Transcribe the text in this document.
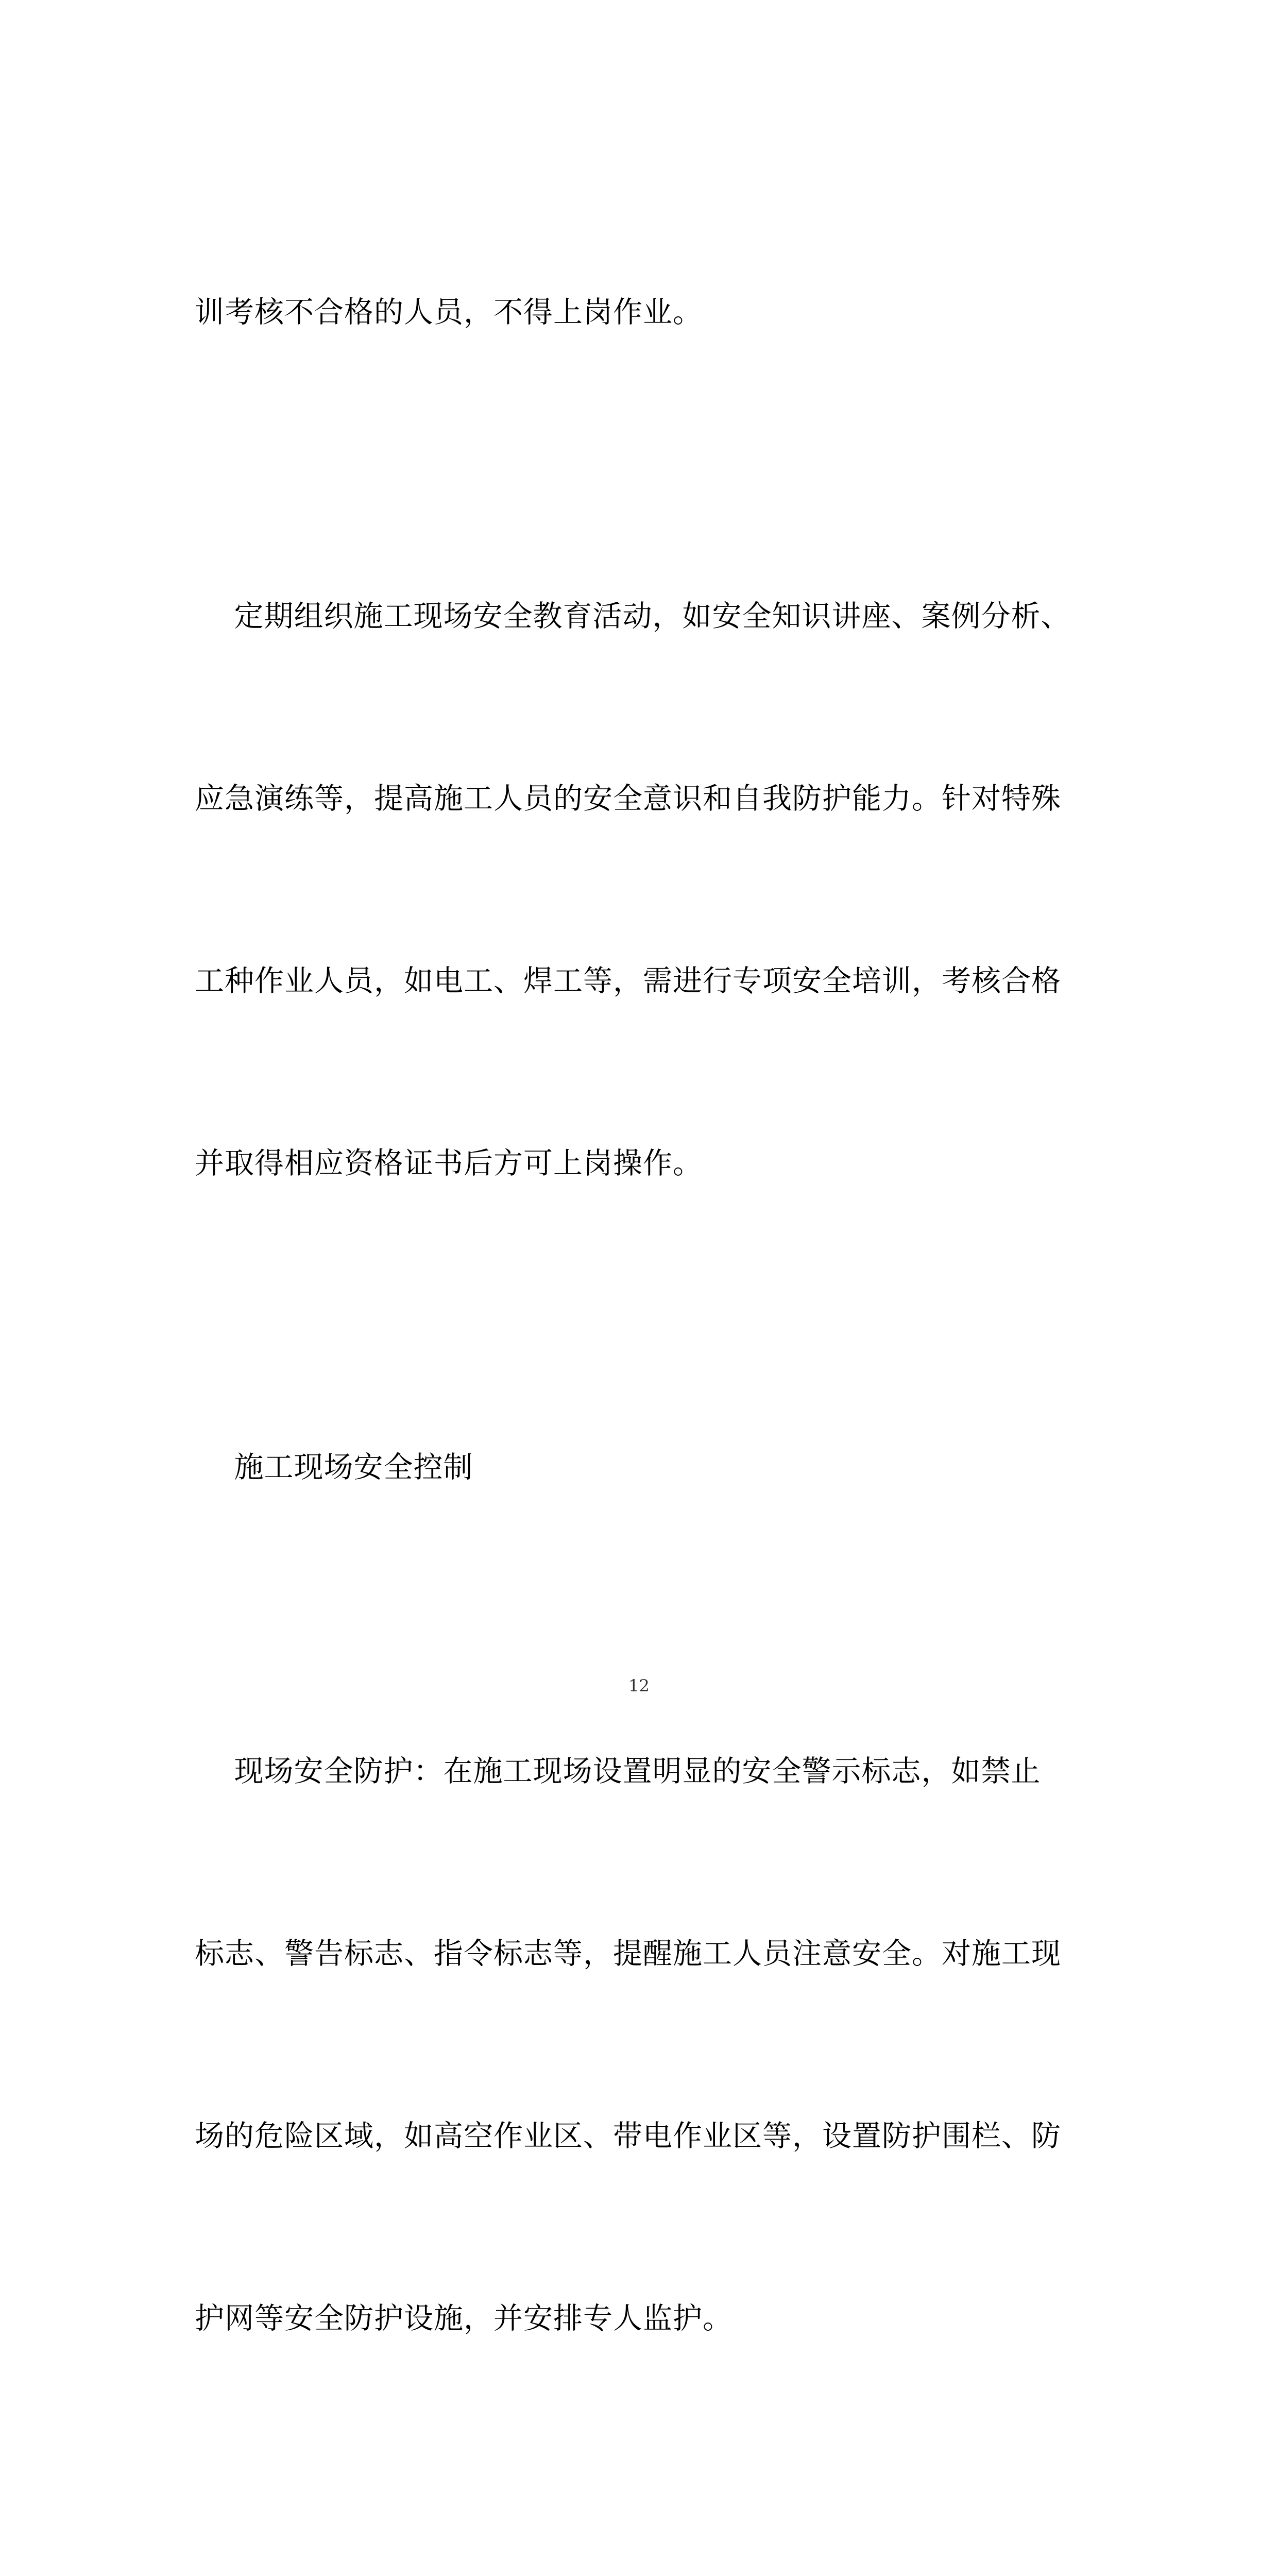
训考核不合格的人员，不得上岗作业。

定期组织施工现场安全教育活动，如安全知识讲座、案例分析、

应急演练等，提高施工人员的安全意识和自我防护能力。针对特殊

工种作业人员，如电工、焊工等，需进行专项安全培训，考核合格

并取得相应资格证书后方可上岗操作。

施工现场安全控制

现场安全防护：在施工现场设置明显的安全警示标志，如禁止

标志、警告标志、指令标志等，提醒施工人员注意安全。对施工现

场的危险区域，如高空作业区、带电作业区等，设置防护围栏、防

护网等安全防护设施，并安排专人监护。

12
